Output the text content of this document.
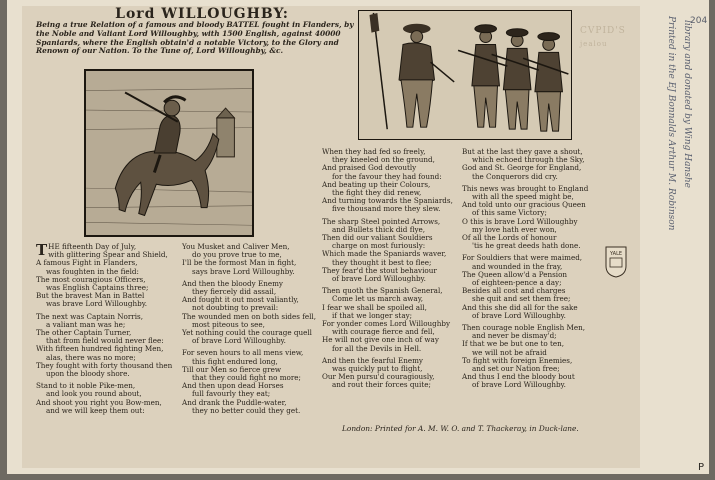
Lord WILLOUGHBY:
Being a true Relation of a famous and bloody BATTEL fought in Flanders, by the Noble and Valiant Lord Willoughby, with 1500 English, against 40000 Spaniards, where the English obtain'd a notable Victory, to the Glory and Renown of our Nation. To the Tune of, Lord Willoughby, &c.
T HE fifteenth Day of July,
with glittering Spear and Shield,
A famous Fight in Flanders,
was foughten in the field:
The most couragious Officers,
was English Captains three;
But the bravest Man in Battel
was brave Lord Willoughby.
The next was Captain Norris,
a valiant man was he;
The other Captain Turner,
that from field would never flee:
With fifteen hundred fighting Men,
alas, there was no more;
They fought with forty thousand then
upon the bloody shore.
Stand to it noble Pike-men,
and look you round about,
And shoot you right you Bow-men,
and we will keep them out:
You Musket and Caliver Men,
do you prove true to me,
I'll be the formost Man in fight,
says brave Lord Willoughby.
And then the bloody Enemy
they fiercely did assail,
And fought it out most valiantly,
not doubting to prevail:
The wounded men on both sides fell,
most piteous to see,
Yet nothing could the courage quell
of brave Lord Willoughby.
For seven hours to all mens view,
this fight endured long,
Till our Men so fierce grew
that they could fight no more;
And then upon dead Horses
full favourly they eat;
And drank the Puddle-water,
they no better could they get.
When they had fed so freely,
they kneeled on the ground,
And praised God devoutly
for the favour they had found:
And beating up their Colours,
the fight they did renew,
And turning towards the Spaniards,
five thousand more they slew.
The sharp Steel pointed Arrows,
and Bullets thick did flye,
Then did our valiant Souldiers
charge on most furiously:
Which made the Spaniards waver,
they thought it best to flee;
They fear'd the stout behaviour
of brave Lord Willoughby.
Then quoth the Spanish General,
Come let us march away,
I fear we shall be spoiled all,
if that we longer stay;
For yonder comes Lord Willoughby
with courage fierce and fell,
He will not give one inch of way
for all the Devils in Hell.
And then the fearful Enemy
was quickly put to flight,
Our Men pursu'd couragiously,
and rout their forces quite;
But at the last they gave a shout,
which echoed through the Sky,
God and St. George for England,
the Conquerors did cry.
This news was brought to England
with all the speed might be,
And told unto our gracious Queen
of this same Victory;
O this is brave Lord Willoughby
my love hath ever won,
Of all the Lords of honour
'tis he great deeds hath done.
For Souldiers that were maimed,
and wounded in the fray,
The Queen allow'd a Pension
of eighteen-pence a day;
Besides all cost and charges
she quit and set them free;
And this she did all for the sake
of brave Lord Willoughby.
Then courage noble English Men,
and never be dismay'd;
If that we be but one to ten,
we will not be afraid
To fight with foreign Enemies,
and set our Nation free;
And thus I end the bloody bout
of brave Lord Willoughby.
YALE
London: Printed for A. M. W. O. and T. Thackeray, in Duck-lane.
CVPID'S
jealou
204
Printed in the EJ Bonnalds Arthur M. Robinson library and donated by Wing Hanshe
P
